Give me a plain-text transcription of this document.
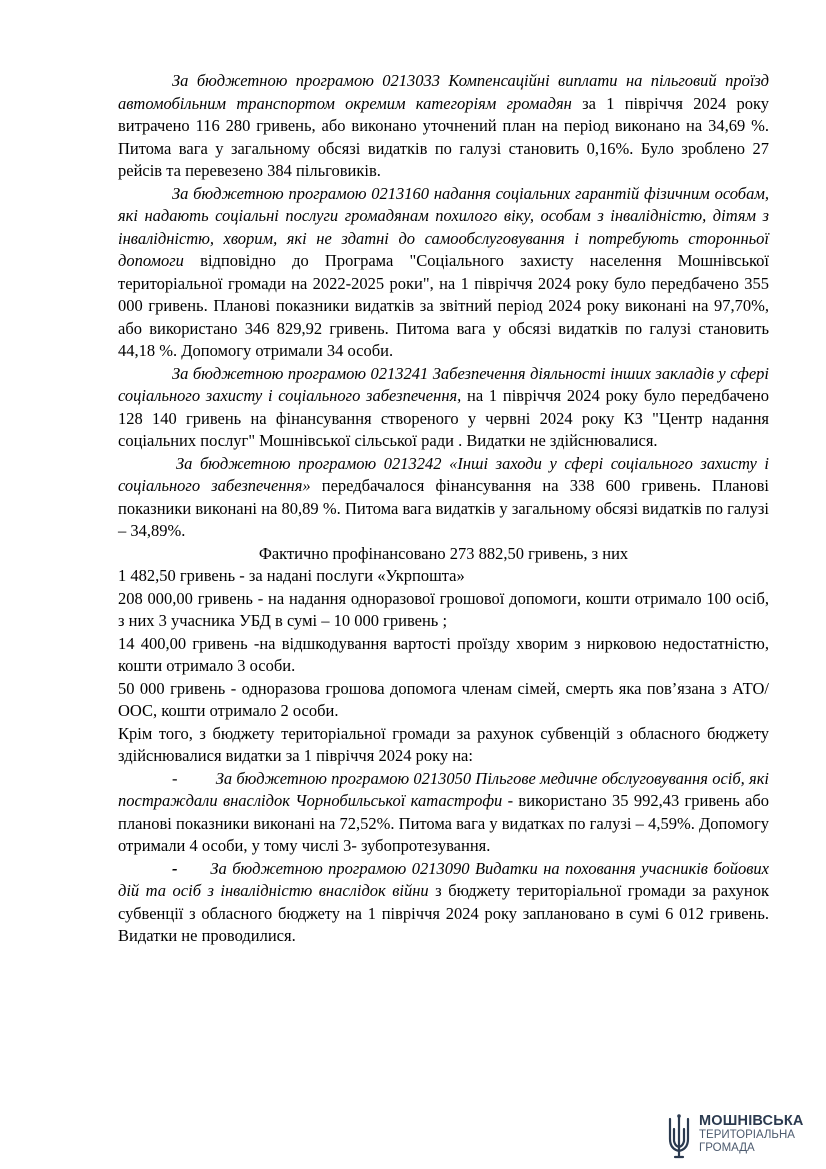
За бюджетною програмою 0213033 Компенсаційні виплати на пільговий проїзд автомобільним транспортом окремим категоріям громадян за 1 півріччя 2024 року витрачено 116 280 гривень, або виконано уточнений план на період виконано на 34,69 %. Питома вага у загальному обсязі видатків по галузі становить 0,16%. Було зроблено 27 рейсів та перевезено 384 пільговиків.

За бюджетною програмою 0213160 надання соціальних гарантій фізичним особам, які надають соціальні послуги громадянам похилого віку, особам з інвалідністю, дітям з інвалідністю, хворим, які не здатні до самообслуговування і потребують сторонньої допомоги відповідно до Програма "Соціального захисту населення Мошнівської територіальної громади на 2022-2025 роки", на 1 півріччя 2024 року було передбачено 355 000 гривень. Планові показники видатків за звітний період 2024 року виконані на 97,70%, або використано 346 829,92 гривень. Питома вага у обсязі видатків по галузі становить 44,18 %. Допомогу отримали 34 особи.

За бюджетною програмою 0213241 Забезпечення діяльності інших закладів у сфері соціального захисту і соціального забезпечення, на 1 півріччя 2024 року було передбачено 128 140 гривень на фінансування створеного у червні 2024 року КЗ "Центр надання соціальних послуг" Мошнівської сільської ради . Видатки не здійснювалися.

За бюджетною програмою 0213242 «Інші заходи у сфері соціального захисту і соціального забезпечення» передбачалося фінансування на 338 600 гривень. Планові показники виконані на 80,89 %. Питома вага видатків у загальному обсязі видатків по галузі – 34,89%.

Фактично профінансовано 273 882,50 гривень, з них

1 482,50 гривень - за надані послуги «Укрпошта»

208 000,00 гривень - на надання одноразової грошової допомоги, кошти отримало 100 осіб, з них 3 учасника УБД в сумі – 10 000 гривень ;

14 400,00 гривень -на відшкодування вартості проїзду хворим з нирковою недостатністю, кошти отримало 3 особи.

50 000 гривень - одноразова грошова допомога членам сімей, смерть яка пов’язана з АТО/ООС, кошти отримало 2 особи.

Крім того, з бюджету територіальної громади за рахунок субвенцій з обласного бюджету здійснювалися видатки за 1 півріччя 2024 року на:

- За бюджетною програмою 0213050 Пільгове медичне обслуговування осіб, які постраждали внаслідок Чорнобильської катастрофи - використано 35 992,43 гривень або планові показники виконані на 72,52%. Питома вага у видатках по галузі – 4,59%. Допомогу отримали 4 особи, у тому числі 3- зубопротезування.

- За бюджетною програмою 0213090 Видатки на поховання учасників бойових дій та осіб з інвалідністю внаслідок війни з бюджету територіальної громади за рахунок субвенції з обласного бюджету на 1 півріччя 2024 року заплановано в сумі 6 012 гривень. Видатки не проводилися.

МОШНІВСЬКА
ТЕРИТОРІАЛЬНА
ГРОМАДА
